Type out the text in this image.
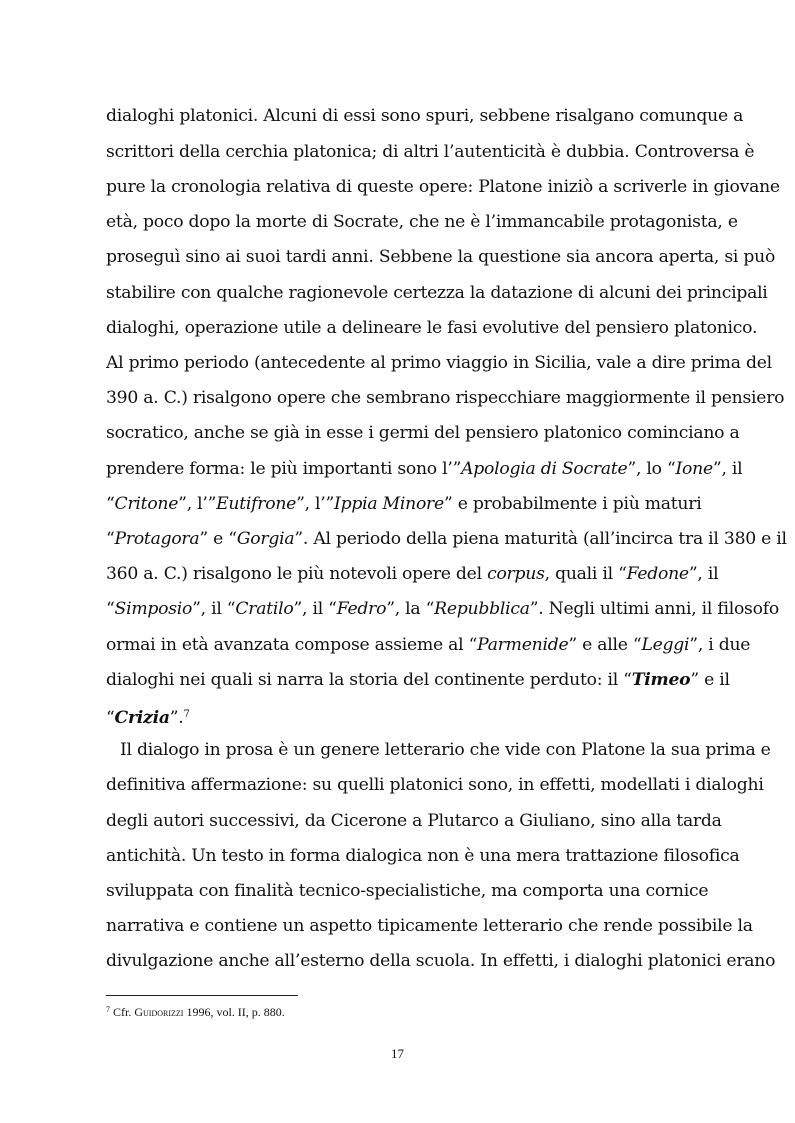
dialoghi platonici. Alcuni di essi sono spuri, sebbene risalgano comunque a
scrittori della cerchia platonica; di altri l’autenticità è dubbia. Controversa è
pure la cronologia relativa di queste opere: Platone iniziò a scriverle in giovane
età, poco dopo la morte di Socrate, che ne è l’immancabile protagonista, e
proseguì sino ai suoi tardi anni. Sebbene la questione sia ancora aperta, si può
stabilire con qualche ragionevole certezza la datazione di alcuni dei principali
dialoghi, operazione utile a delineare le fasi evolutive del pensiero platonico.
Al primo periodo (antecedente al primo viaggio in Sicilia, vale a dire prima del
390 a. C.) risalgono opere che sembrano rispecchiare maggiormente il pensiero
socratico, anche se già in esse i germi del pensiero platonico cominciano a
prendere forma: le più importanti sono l’”Apologia di Socrate”, lo “Ione”, il
“Critone”, l’”Eutifrone”, l’”Ippia Minore” e probabilmente i più maturi
“Protagora” e “Gorgia”. Al periodo della piena maturità (all’incirca tra il 380 e il
360 a. C.) risalgono le più notevoli opere del corpus, quali il “Fedone”, il
“Simposio”, il “Cratilo”, il “Fedro”, la “Repubblica”. Negli ultimi anni, il filosofo
ormai in età avanzata compose assieme al “Parmenide” e alle “Leggi”, i due
dialoghi nei quali si narra la storia del continente perduto: il “Timeo” e il
“Crizia”.$^7$
Il dialogo in prosa è un genere letterario che vide con Platone la sua prima e
definitiva affermazione: su quelli platonici sono, in effetti, modellati i dialoghi
degli autori successivi, da Cicerone a Plutarco a Giuliano, sino alla tarda
antichità. Un testo in forma dialogica non è una mera trattazione filosofica
sviluppata con finalità tecnico-specialistiche, ma comporta una cornice
narrativa e contiene un aspetto tipicamente letterario che rende possibile la
divulgazione anche all’esterno della scuola. In effetti, i dialoghi platonici erano
$^7$ Cfr. Guidorizzi 1996, vol. II, p. 880.
17
